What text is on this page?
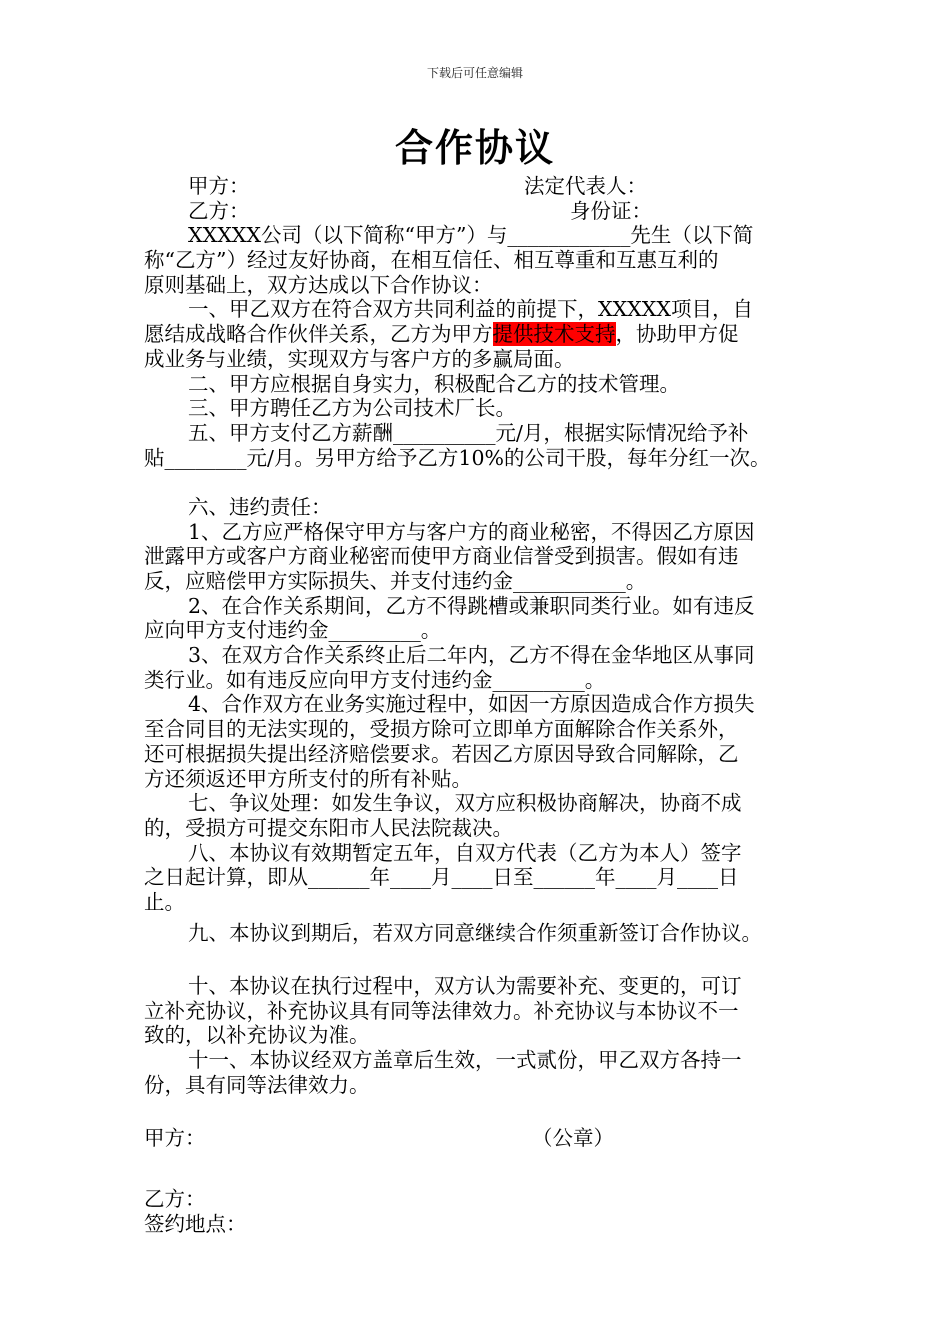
下载后可任意编辑
合作协议
甲方：	法定代表人：
乙方：	身份证：
XXXXX公司（以下简称“甲方”）与____________先生（以下简
称“乙方”）经过友好协商，在相互信任、相互尊重和互惠互利的
原则基础上，双方达成以下合作协议：
一、甲乙双方在符合双方共同利益的前提下，XXXXX项目，自
愿结成战略合作伙伴关系，乙方为甲方提供技术支持，协助甲方促
成业务与业绩，实现双方与客户方的多赢局面。
二、甲方应根据自身实力，积极配合乙方的技术管理。
三、甲方聘任乙方为公司技术厂长。
五、甲方支付乙方薪酬__________元/月，根据实际情况给予补
贴________元/月。另甲方给予乙方10%的公司干股，每年分红一次。
六、违约责任：
1、乙方应严格保守甲方与客户方的商业秘密，不得因乙方原因
泄露甲方或客户方商业秘密而使甲方商业信誉受到损害。假如有违
反，应赔偿甲方实际损失、并支付违约金___________。
2、在合作关系期间，乙方不得跳槽或兼职同类行业。如有违反
应向甲方支付违约金_________。
3、在双方合作关系终止后二年内，乙方不得在金华地区从事同
类行业。如有违反应向甲方支付违约金_________。
4、合作双方在业务实施过程中，如因一方原因造成合作方损失
至合同目的无法实现的，受损方除可立即单方面解除合作关系外，
还可根据损失提出经济赔偿要求。若因乙方原因导致合同解除，乙
方还须返还甲方所支付的所有补贴。
七、争议处理：如发生争议，双方应积极协商解决，协商不成
的，受损方可提交东阳市人民法院裁决。
八、本协议有效期暂定五年，自双方代表（乙方为本人）签字
之日起计算，即从______年____月____日至______年____月____日
止。
九、本协议到期后，若双方同意继续合作须重新签订合作协议。
十、本协议在执行过程中，双方认为需要补充、变更的，可订
立补充协议，补充协议具有同等法律效力。补充协议与本协议不一
致的，以补充协议为准。
十一、本协议经双方盖章后生效，一式贰份，甲乙双方各持一
份，具有同等法律效力。
甲方：	（公章）
乙方：
签约地点：
